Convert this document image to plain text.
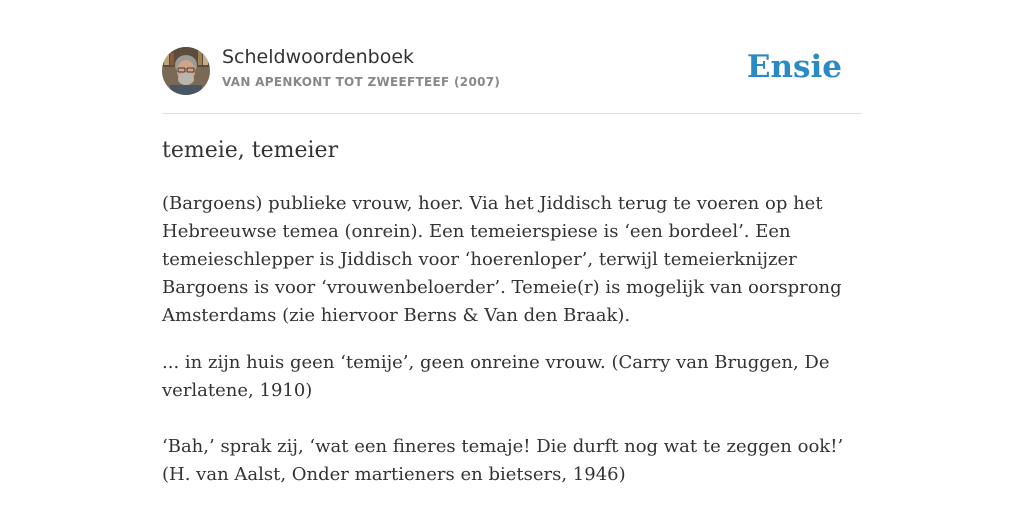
Scheldwoordenboek
VAN APENKONT TOT ZWEEFTEEF (2007)	Ensie
temeie, temeier

(Bargoens) publieke vrouw, hoer. Via het Jiddisch terug te voeren op het Hebreeuwse temea (onrein). Een temeierspiese is ‘een bordeel’. Een temeieschlepper is Jiddisch voor ‘hoerenloper’, terwijl temeierknijzer Bargoens is voor ‘vrouwenbeloerder’. Temeie(r) is mogelijk van oorsprong Amsterdams (zie hiervoor Berns & Van den Braak).

... in zijn huis geen ‘temije’, geen onreine vrouw. (Carry van Bruggen, De verlatene, 1910)

‘Bah,’ sprak zij, ‘wat een fineres temaje! Die durft nog wat te zeggen ook!’ (H. van Aalst, Onder martieners en bietsers, 1946)
